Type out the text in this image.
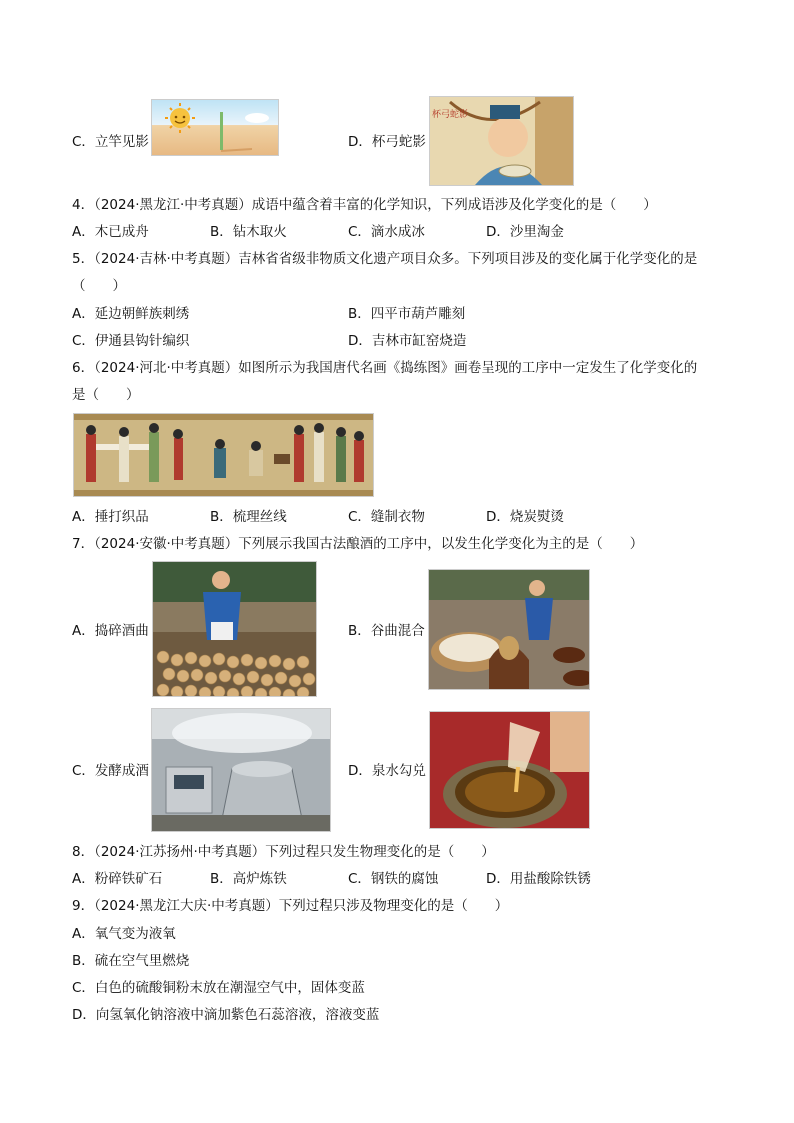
C．立竿见影	D．杯弓蛇影
杯弓蛇影
4．（2024·黑龙江·中考真题）成语中蕴含着丰富的化学知识，下列成语涉及化学变化的是（　　）
A．木已成舟	B．钻木取火	C．滴水成冰	D．沙里淘金
5．（2024·吉林·中考真题）吉林省省级非物质文化遗产项目众多。下列项目涉及的变化属于化学变化的是
（　　）
A．延边朝鲜族刺绣	B．四平市葫芦雕刻
C．伊通县钩针编织	D．吉林市缸窑烧造
6．（2024·河北·中考真题）如图所示为我国唐代名画《捣练图》画卷呈现的工序中一定发生了化学变化的
是（　　）
A．捶打织品	B．梳理丝线	C．缝制衣物	D．烧炭熨烫
7．（2024·安徽·中考真题）下列展示我国古法酿酒的工序中，以发生化学变化为主的是（　　）
A．捣碎酒曲	B．谷曲混合
C．发酵成酒	D．泉水勾兑
8．（2024·江苏扬州·中考真题）下列过程只发生物理变化的是（　　）
A．粉碎铁矿石	B．高炉炼铁	C．钢铁的腐蚀	D．用盐酸除铁锈
9．（2024·黑龙江大庆·中考真题）下列过程只涉及物理变化的是（　　）
A．氧气变为液氧
B．硫在空气里燃烧
C．白色的硫酸铜粉末放在潮湿空气中，固体变蓝
D．向氢氧化钠溶液中滴加紫色石蕊溶液，溶液变蓝
